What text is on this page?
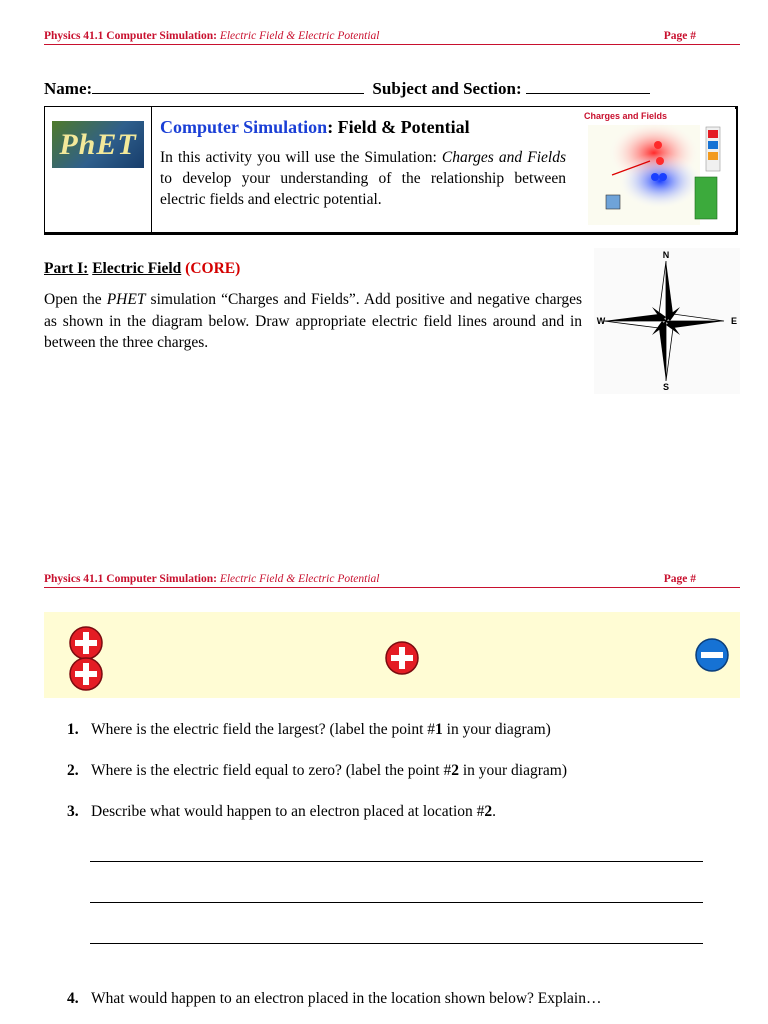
Physics 41.1 Computer Simulation: Electric Field & Electric Potential	Page #
Name:	Subject and Section:
PhET
Computer Simulation: Field & Potential
In this activity you will use the Simulation: Charges and Fields to develop your understanding of the relationship between electric fields and electric potential.
Charges and Fields
Part I: Electric Field (CORE)
Open the PHET simulation “Charges and Fields”. Add positive and negative charges as shown in the diagram below. Draw appropriate electric field lines around and in between the three charges.
N
S
E
W
Physics 41.1 Computer Simulation: Electric Field & Electric Potential	Page #
1. Where is the electric field the largest? (label the point #1 in your diagram)
2. Where is the electric field equal to zero? (label the point #2 in your diagram)
3. Describe what would happen to an electron placed at location #2.
4. What would happen to an electron placed in the location shown below? Explain…
